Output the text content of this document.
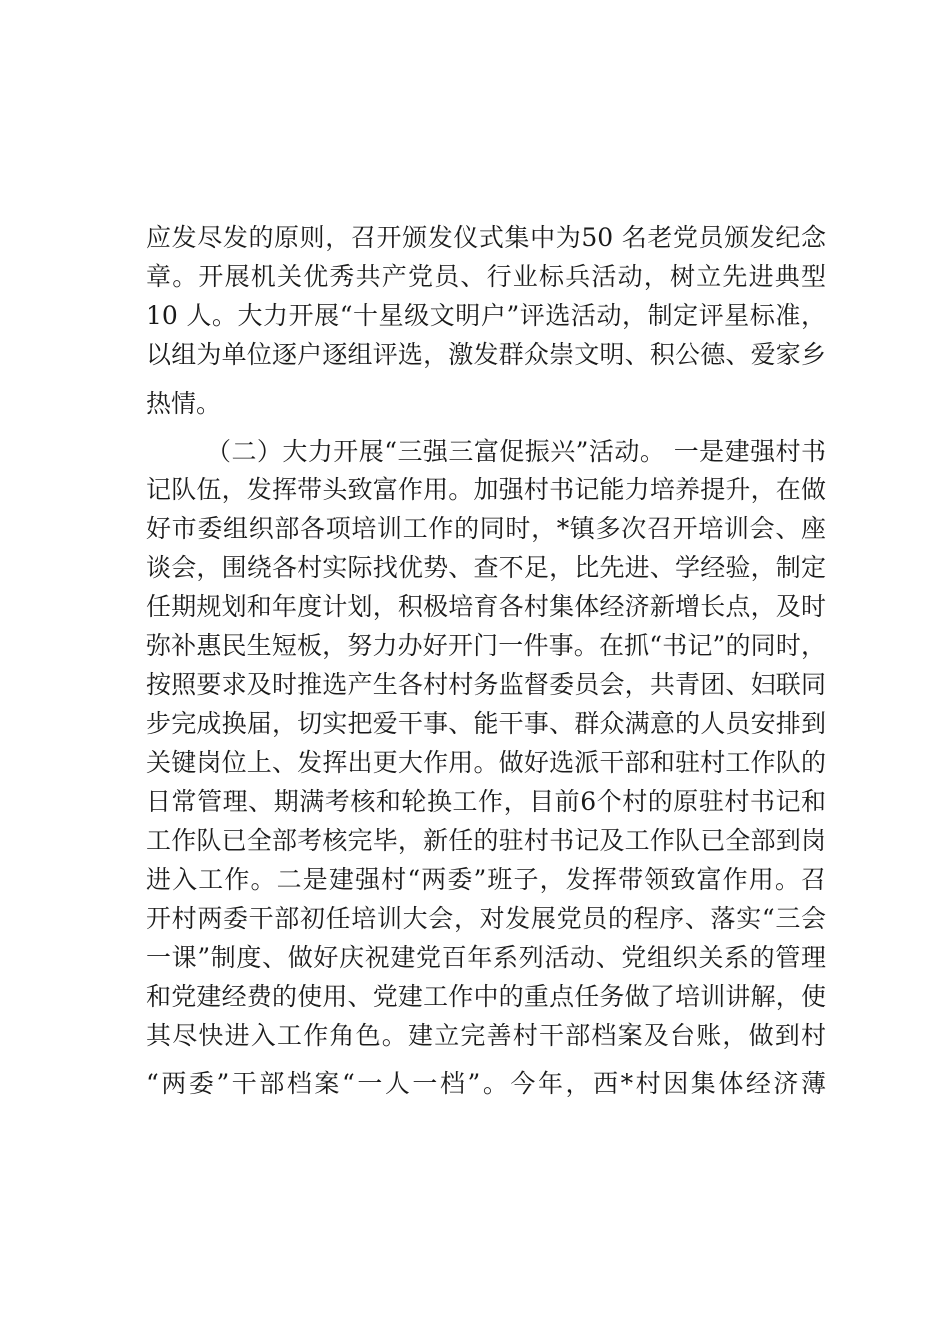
应发尽发的原则，召开颁发仪式集中为50 名老党员颁发纪念
章。开展机关优秀共产党员、行业标兵活动，树立先进典型
10 人。大力开展“十星级文明户”评选活动，制定评星标准，
以组为单位逐户逐组评选，激发群众崇文明、积公德、爱家乡
热情。
（二）大力开展“三强三富促振兴”活动。 一是建强村书
记队伍，发挥带头致富作用。加强村书记能力培养提升，在做
好市委组织部各项培训工作的同时，*镇多次召开培训会、座
谈会，围绕各村实际找优势、查不足，比先进、学经验，制定
任期规划和年度计划，积极培育各村集体经济新增长点，及时
弥补惠民生短板，努力办好开门一件事。在抓“书记”的同时，
按照要求及时推选产生各村村务监督委员会，共青团、妇联同
步完成换届，切实把爱干事、能干事、群众满意的人员安排到
关键岗位上、发挥出更大作用。做好选派干部和驻村工作队的
日常管理、期满考核和轮换工作，目前6个村的原驻村书记和
工作队已全部考核完毕，新任的驻村书记及工作队已全部到岗
进入工作。二是建强村“两委”班子，发挥带领致富作用。召
开村两委干部初任培训大会，对发展党员的程序、落实“三会
一课”制度、做好庆祝建党百年系列活动、党组织关系的管理
和党建经费的使用、党建工作中的重点任务做了培训讲解，使
其尽快进入工作角色。建立完善村干部档案及台账，做到村
“两委”干部档案“一人一档”。今年，西*村因集体经济薄
